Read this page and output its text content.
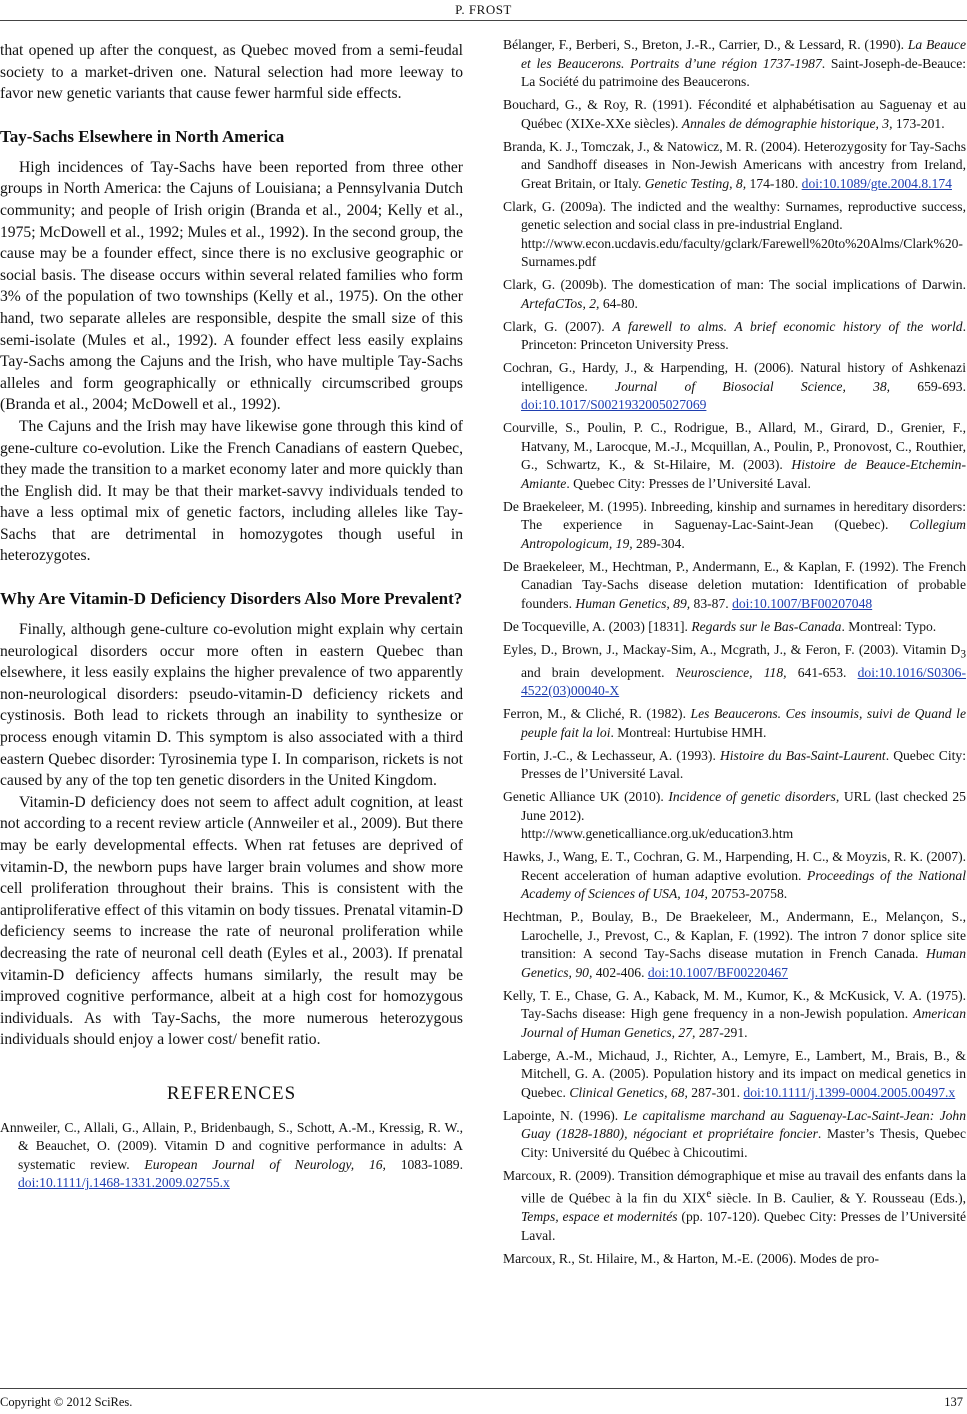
P. FROST

that opened up after the conquest, as Quebec moved from a semi-feudal society to a market-driven one. Natural selection had more leeway to favor new genetic variants that cause fewer harmful side effects.

Tay-Sachs Elsewhere in North America

High incidences of Tay-Sachs have been reported from three other groups in North America: the Cajuns of Louisiana; a Pennsylvania Dutch community; and people of Irish origin (Branda et al., 2004; Kelly et al., 1975; McDowell et al., 1992; Mules et al., 1992). In the second group, the cause may be a founder effect, since there is no exclusive geographic or social basis. The disease occurs within several related families who form 3% of the population of two townships (Kelly et al., 1975). On the other hand, two separate alleles are responsible, despite the small size of this semi-isolate (Mules et al., 1992). A founder effect less easily explains Tay-Sachs among the Cajuns and the Irish, who have multiple Tay-Sachs alleles and form geographically or ethnically circumscribed groups (Branda et al., 2004; McDowell et al., 1992).

The Cajuns and the Irish may have likewise gone through this kind of gene-culture co-evolution. Like the French Canadians of eastern Quebec, they made the transition to a market economy later and more quickly than the English did. It may be that their market-savvy individuals tended to have a less optimal mix of genetic factors, including alleles like Tay-Sachs that are detrimental in homozygotes though useful in heterozygotes.

Why Are Vitamin-D Deficiency Disorders Also More Prevalent?

Finally, although gene-culture co-evolution might explain why certain neurological disorders occur more often in eastern Quebec than elsewhere, it less easily explains the higher prevalence of two apparently non-neurological disorders: pseudo-vitamin-D deficiency rickets and cystinosis. Both lead to rickets through an inability to synthesize or process enough vitamin D. This symptom is also associated with a third eastern Quebec disorder: Tyrosinemia type I. In comparison, rickets is not caused by any of the top ten genetic disorders in the United Kingdom.

Vitamin-D deficiency does not seem to affect adult cognition, at least not according to a recent review article (Annweiler et al., 2009). But there may be early developmental effects. When rat fetuses are deprived of vitamin-D, the newborn pups have larger brain volumes and show more cell proliferation throughout their brains. This is consistent with the antiproliferative effect of this vitamin on body tissues. Prenatal vitamin-D deficiency seems to increase the rate of neuronal proliferation while decreasing the rate of neuronal cell death (Eyles et al., 2003). If prenatal vitamin-D deficiency affects humans similarly, the result may be improved cognitive performance, albeit at a high cost for homozygous individuals. As with Tay-Sachs, the more numerous heterozygous individuals should enjoy a lower cost/ benefit ratio.

REFERENCES

Annweiler, C., Allali, G., Allain, P., Bridenbaugh, S., Schott, A.-M., Kressig, R. W., & Beauchet, O. (2009). Vitamin D and cognitive performance in adults: A systematic review. European Journal of Neurology, 16, 1083-1089. doi:10.1111/j.1468-1331.2009.02755.x

Bélanger, F., Berberi, S., Breton, J.-R., Carrier, D., & Lessard, R. (1990). La Beauce et les Beaucerons. Portraits d’une région 1737-1987. Saint-Joseph-de-Beauce: La Société du patrimoine des Beaucerons.

Bouchard, G., & Roy, R. (1991). Fécondité et alphabétisation au Saguenay et au Québec (XIXe-XXe siècles). Annales de démographie historique, 3, 173-201.

Branda, K. J., Tomczak, J., & Natowicz, M. R. (2004). Heterozygosity for Tay-Sachs and Sandhoff diseases in Non-Jewish Americans with ancestry from Ireland, Great Britain, or Italy. Genetic Testing, 8, 174-180. doi:10.1089/gte.2004.8.174

Clark, G. (2009a). The indicted and the wealthy: Surnames, reproductive success, genetic selection and social class in pre-industrial England.
http://www.econ.ucdavis.edu/faculty/gclark/Farewell%20to%20Alms/Clark%20-Surnames.pdf

Clark, G. (2009b). The domestication of man: The social implications of Darwin. ArtefaCTos, 2, 64-80.

Clark, G. (2007). A farewell to alms. A brief economic history of the world. Princeton: Princeton University Press.

Cochran, G., Hardy, J., & Harpending, H. (2006). Natural history of Ashkenazi intelligence. Journal of Biosocial Science, 38, 659-693. doi:10.1017/S0021932005027069

Courville, S., Poulin, P. C., Rodrigue, B., Allard, M., Girard, D., Grenier, F., Hatvany, M., Larocque, M.-J., Mcquillan, A., Poulin, P., Pronovost, C., Routhier, G., Schwartz, K., & St-Hilaire, M. (2003). Histoire de Beauce-Etchemin-Amiante. Quebec City: Presses de l’Université Laval.

De Braekeleer, M. (1995). Inbreeding, kinship and surnames in hereditary disorders: The experience in Saguenay-Lac-Saint-Jean (Quebec). Collegium Antropologicum, 19, 289-304.

De Braekeleer, M., Hechtman, P., Andermann, E., & Kaplan, F. (1992). The French Canadian Tay-Sachs disease deletion mutation: Identification of probable founders. Human Genetics, 89, 83-87. doi:10.1007/BF00207048

De Tocqueville, A. (2003) [1831]. Regards sur le Bas-Canada. Montreal: Typo.

Eyles, D., Brown, J., Mackay-Sim, A., Mcgrath, J., & Feron, F. (2003). Vitamin $D_3$ and brain development. Neuroscience, 118, 641-653. doi:10.1016/S0306-4522(03)00040-X

Ferron, M., & Cliché, R. (1982). Les Beaucerons. Ces insoumis, suivi de Quand le peuple fait la loi. Montreal: Hurtubise HMH.

Fortin, J.-C., & Lechasseur, A. (1993). Histoire du Bas-Saint-Laurent. Quebec City: Presses de l’Université Laval.

Genetic Alliance UK (2010). Incidence of genetic disorders, URL (last checked 25 June 2012).
http://www.geneticalliance.org.uk/education3.htm

Hawks, J., Wang, E. T., Cochran, G. M., Harpending, H. C., & Moyzis, R. K. (2007). Recent acceleration of human adaptive evolution. Proceedings of the National Academy of Sciences of USA, 104, 20753-20758.

Hechtman, P., Boulay, B., De Braekeleer, M., Andermann, E., Melançon, S., Larochelle, J., Prevost, C., & Kaplan, F. (1992). The intron 7 donor splice site transition: A second Tay-Sachs disease mutation in French Canada. Human Genetics, 90, 402-406. doi:10.1007/BF00220467

Kelly, T. E., Chase, G. A., Kaback, M. M., Kumor, K., & McKusick, V. A. (1975). Tay-Sachs disease: High gene frequency in a non-Jewish population. American Journal of Human Genetics, 27, 287-291.

Laberge, A.-M., Michaud, J., Richter, A., Lemyre, E., Lambert, M., Brais, B., & Mitchell, G. A. (2005). Population history and its impact on medical genetics in Quebec. Clinical Genetics, 68, 287-301. doi:10.1111/j.1399-0004.2005.00497.x

Lapointe, N. (1996). Le capitalisme marchand au Saguenay-Lac-Saint-Jean: John Guay (1828-1880), négociant et propriétaire foncier. Master’s Thesis, Quebec City: Université du Québec à Chicoutimi.

Marcoux, R. (2009). Transition démographique et mise au travail des enfants dans la ville de Québec à la fin du XIXe siècle. In B. Caulier, & Y. Rousseau (Eds.), Temps, espace et modernités (pp. 107-120). Quebec City: Presses de l’Université Laval.

Marcoux, R., St. Hilaire, M., & Harton, M.-E. (2006). Modes de pro-

Copyright © 2012 SciRes.	137
